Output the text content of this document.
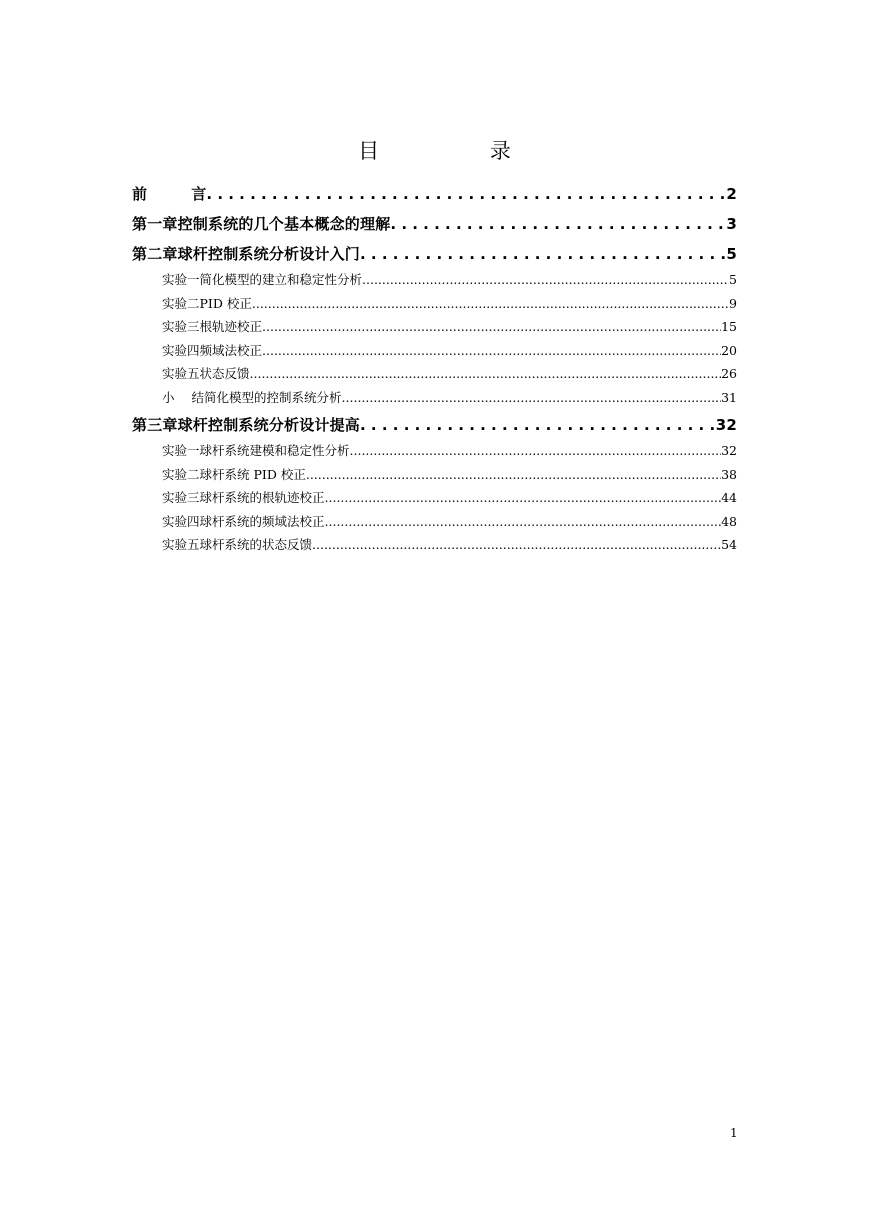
目 录
前	言 . . .	2
第一章 控制系统的几个基本概念的理解 . . .	3
第二章 球杆控制系统分析设计入门 . . .	5
实验一 简化模型的建立和稳定性分析 .....	5
实验二 PID 校正 .....	9
实验三 根轨迹校正 .....	15
实验四 频域法校正 .....	20
实验五 状态反馈 .....	26
小 结 简化模型的控制系统分析 .....	31
第三章 球杆控制系统分析设计提高 . . .	32
实验一 球杆系统建模和稳定性分析 .....	32
实验二 球杆系统 PID 校正 .....	38
实验三 球杆系统的根轨迹校正 .....	44
实验四 球杆系统的频域法校正 .....	48
实验五 球杆系统的状态反馈 .....	54
1
